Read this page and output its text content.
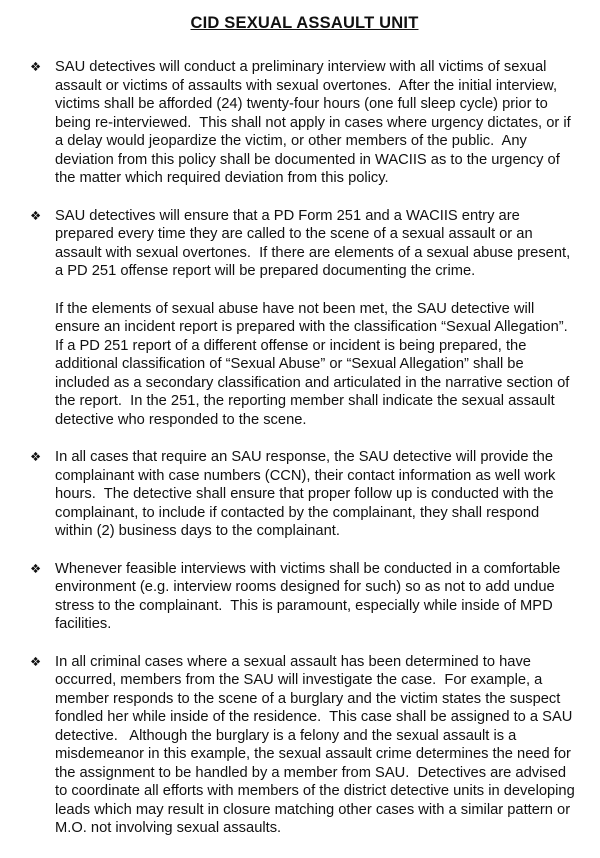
CID SEXUAL ASSAULT UNIT
❖ SAU detectives will conduct a preliminary interview with all victims of sexual assault or victims of assaults with sexual overtones.  After the initial interview, victims shall be afforded (24) twenty-four hours (one full sleep cycle) prior to being re-interviewed.  This shall not apply in cases where urgency dictates, or if a delay would jeopardize the victim, or other members of the public.  Any deviation from this policy shall be documented in WACIIS as to the urgency of the matter which required deviation from this policy.
❖ SAU detectives will ensure that a PD Form 251 and a WACIIS entry are prepared every time they are called to the scene of a sexual assault or an assault with sexual overtones.  If there are elements of a sexual abuse present, a PD 251 offense report will be prepared documenting the crime.
If the elements of sexual abuse have not been met, the SAU detective will ensure an incident report is prepared with the classification “Sexual Allegation”.  If a PD 251 report of a different offense or incident is being prepared, the additional classification of “Sexual Abuse” or “Sexual Allegation” shall be included as a secondary classification and articulated in the narrative section of the report.  In the 251, the reporting member shall indicate the sexual assault detective who responded to the scene.
❖ In all cases that require an SAU response, the SAU detective will provide the complainant with case numbers (CCN), their contact information as well work hours.  The detective shall ensure that proper follow up is conducted with the complainant, to include if contacted by the complainant, they shall respond within (2) business days to the complainant.
❖ Whenever feasible interviews with victims shall be conducted in a comfortable environment (e.g. interview rooms designed for such) so as not to add undue stress to the complainant.  This is paramount, especially while inside of MPD facilities.
❖ In all criminal cases where a sexual assault has been determined to have occurred, members from the SAU will investigate the case.  For example, a member responds to the scene of a burglary and the victim states the suspect fondled her while inside of the residence.  This case shall be assigned to a SAU detective.   Although the burglary is a felony and the sexual assault is a misdemeanor in this example, the sexual assault crime determines the need for the assignment to be handled by a member from SAU.  Detectives are advised to coordinate all efforts with members of the district detective units in developing leads which may result in closure matching other cases with a similar pattern or M.O. not involving sexual assaults.
